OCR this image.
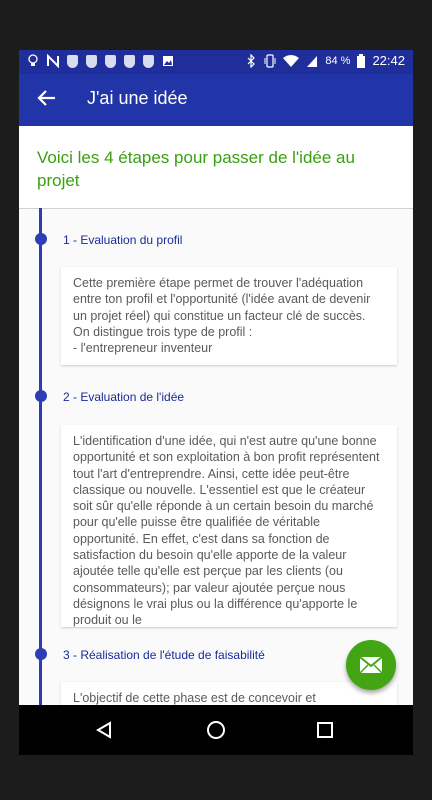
84 % 22:42
J'ai une idée
Voici les 4 étapes pour passer de l'idée au projet
1 - Evaluation du profil

Cette première étape permet de trouver l'adéquation entre ton profil et l'opportunité (l'idée avant de devenir un projet réel) qui constitue un facteur clé de succès.
On distingue trois type de profil :
- l'entrepreneur inventeur

2 - Evaluation de l'idée

L'identification d'une idée, qui n'est autre qu'une bonne opportunité et son exploitation à bon profit représentent tout l'art d'entreprendre. Ainsi, cette idée peut-être classique ou nouvelle. L'essentiel est que le créateur soit sûr qu'elle réponde à un certain besoin du marché pour qu'elle puisse être qualifiée de véritable opportunité. En effet, c'est dans sa fonction de satisfaction du besoin qu'elle apporte de la valeur ajoutée telle qu'elle est perçue par les clients (ou consommateurs); par valeur ajoutée perçue nous désignons le vrai plus ou la différence qu'apporte le produit ou le

3 - Réalisation de l'étude de faisabilité

L'objectif de cette phase est de concevoir et
